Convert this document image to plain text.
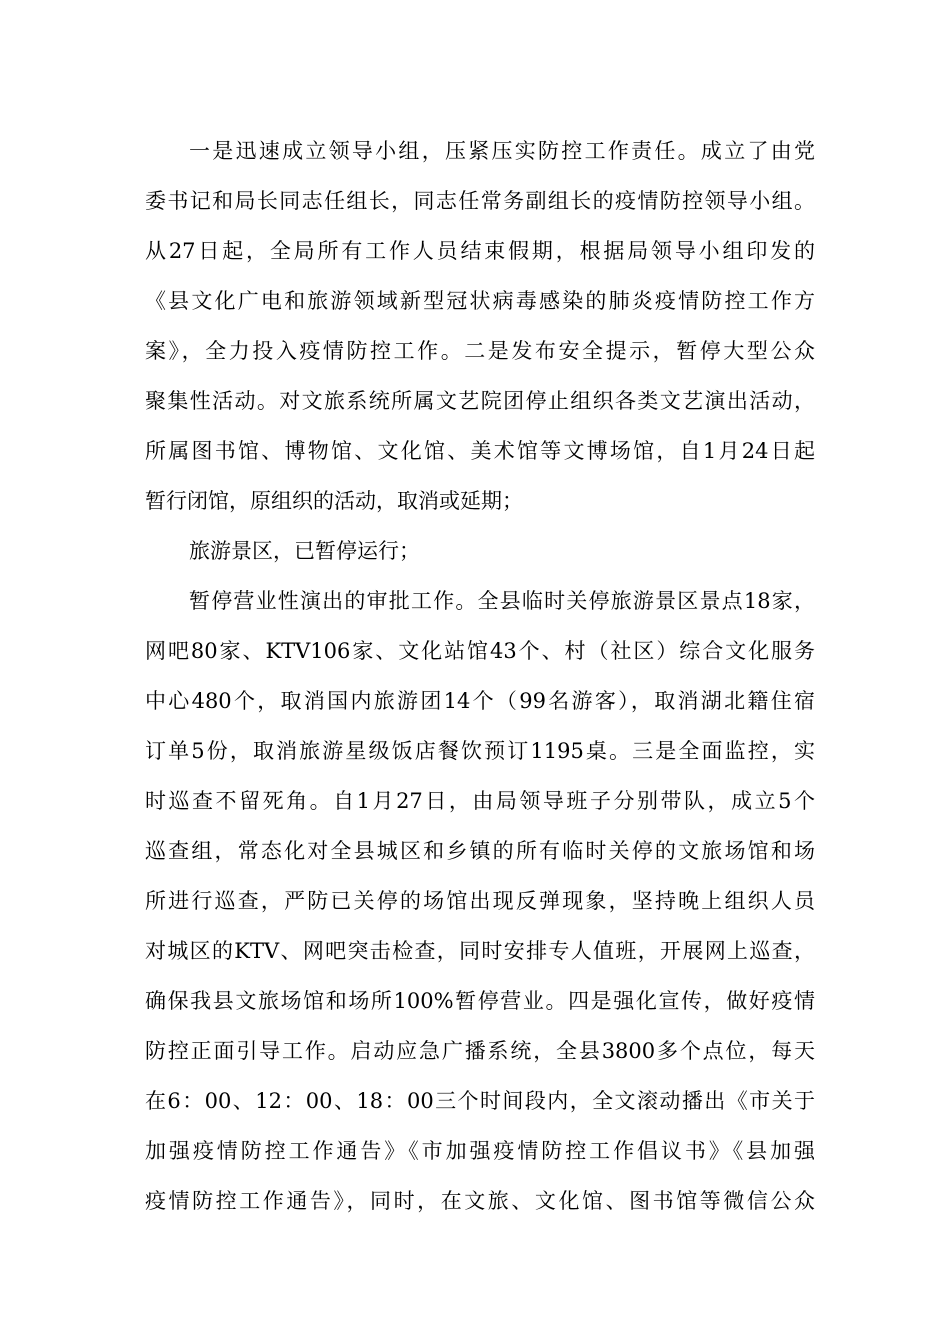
一是迅速成立领导小组，压紧压实防控工作责任。成立了由党
委书记和局长同志任组长，同志任常务副组长的疫情防控领导小组。
从27日起，全局所有工作人员结束假期，根据局领导小组印发的
《县文化广电和旅游领域新型冠状病毒感染的肺炎疫情防控工作方
案》，全力投入疫情防控工作。二是发布安全提示，暂停大型公众
聚集性活动。对文旅系统所属文艺院团停止组织各类文艺演出活动，
所属图书馆、博物馆、文化馆、美术馆等文博场馆，自1月24日起
暂行闭馆，原组织的活动，取消或延期；
旅游景区，已暂停运行；
暂停营业性演出的审批工作。全县临时关停旅游景区景点18家，
网吧80家、KTV106家、文化站馆43个、村（社区）综合文化服务
中心480个，取消国内旅游团14个（99名游客），取消湖北籍住宿
订单5份，取消旅游星级饭店餐饮预订1195桌。三是全面监控，实
时巡查不留死角。自1月27日，由局领导班子分别带队，成立5个
巡查组，常态化对全县城区和乡镇的所有临时关停的文旅场馆和场
所进行巡查，严防已关停的场馆出现反弹现象，坚持晚上组织人员
对城区的KTV、网吧突击检查，同时安排专人值班，开展网上巡查，
确保我县文旅场馆和场所100%暂停营业。四是强化宣传，做好疫情
防控正面引导工作。启动应急广播系统，全县3800多个点位，每天
在6：00、12：00、18：00三个时间段内，全文滚动播出《市关于
加强疫情防控工作通告》《市加强疫情防控工作倡议书》《县加强
疫情防控工作通告》，同时，在文旅、文化馆、图书馆等微信公众
